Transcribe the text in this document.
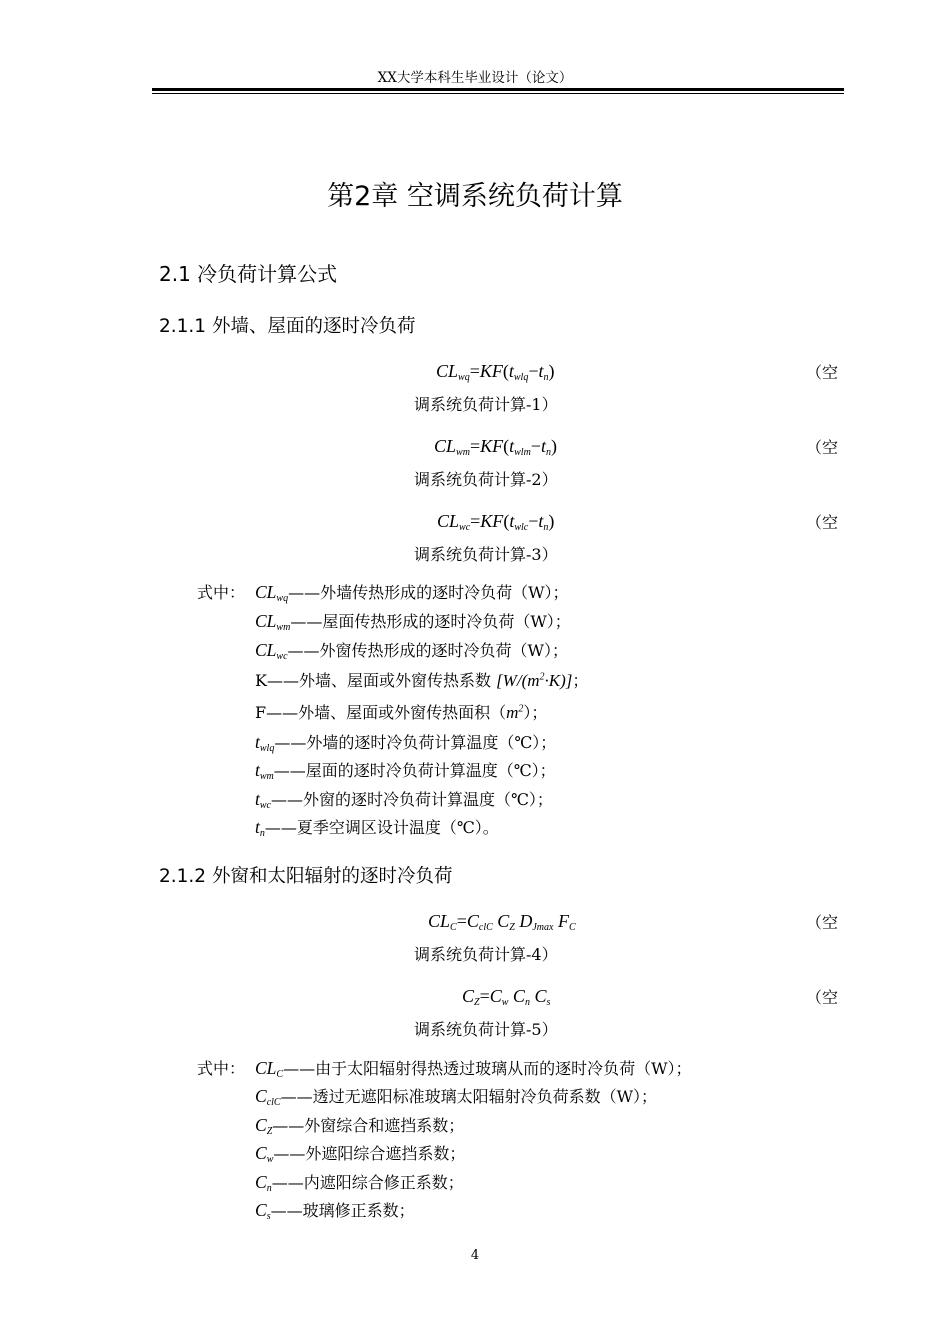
XX大学本科生毕业设计（论文）
第2章 空调系统负荷计算
2.1 冷负荷计算公式
2.1.1 外墙、屋面的逐时冷负荷
$CL_{wq}=KF(t_{wlq}-t_n)$	（空
调系统负荷计算-1）
$CL_{wm}=KF(t_{wlm}-t_n)$	（空
调系统负荷计算-2）
$CL_{wc}=KF(t_{wlc}-t_n)$	（空
调系统负荷计算-3）
式中： $CL_{wq}——$外墙传热形成的逐时冷负荷（W）；
$CL_{wm}——$屋面传热形成的逐时冷负荷（W）；
$CL_{wc}——$外窗传热形成的逐时冷负荷（W）；
K——外墙、屋面或外窗传热系数 $[W/(m^2\cdot K)]$；
F——外墙、屋面或外窗传热面积$(m^2)$；
$t_{wlq}——$外墙的逐时冷负荷计算温度（℃）；
$t_{wm}——$屋面的逐时冷负荷计算温度（℃）；
$t_{wc}——$外窗的逐时冷负荷计算温度（℃）；
$t_n——$夏季空调区设计温度（℃）。
2.1.2 外窗和太阳辐射的逐时冷负荷
$CL_C=C_{clC}$ $C_Z$ $D_{Jmax}$ $F_C$	（空
调系统负荷计算-4）
$C_Z=C_w$ $C_n$ $C_s$	（空
调系统负荷计算-5）
式中： $CL_C——$由于太阳辐射得热透过玻璃从而的逐时冷负荷（W）；
$C_{clC}——$透过无遮阳标准玻璃太阳辐射冷负荷系数（W）；
$C_Z——$外窗综合和遮挡系数；
$C_w——$外遮阳综合遮挡系数；
$C_n——$内遮阳综合修正系数；
$C_s——$玻璃修正系数；
4
